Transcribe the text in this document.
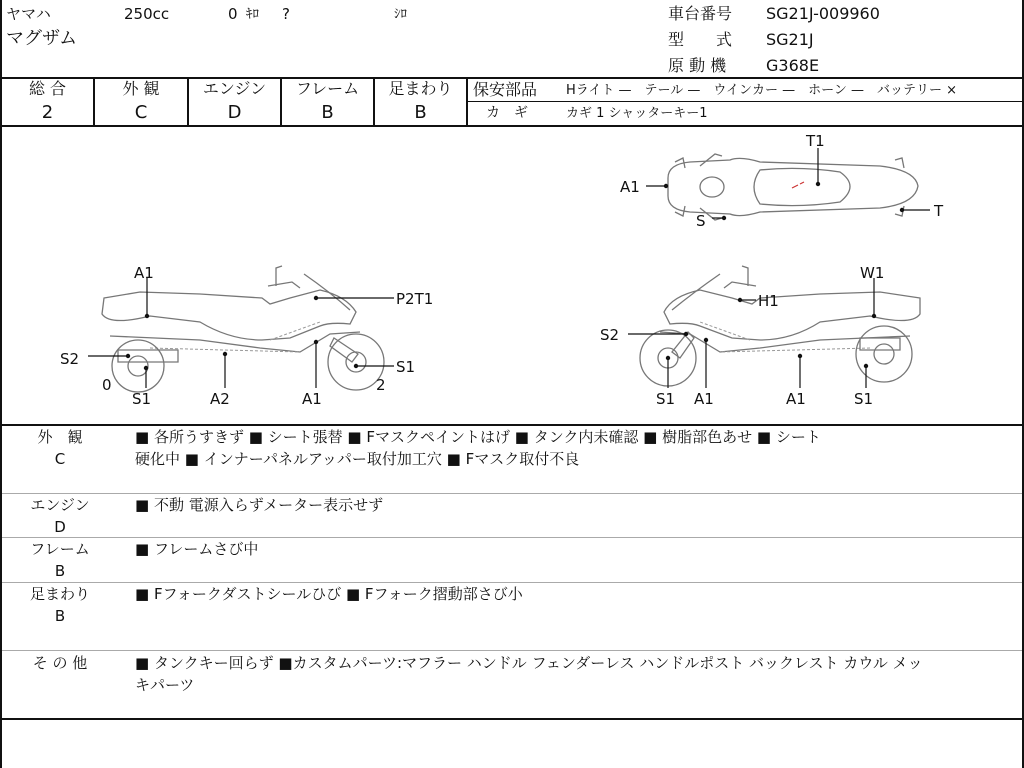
ヤマハ	250cc	0 ｷﾛ ?	ｼﾛ
マグザム
車台番号 SG21J-009960
型　　式 SG21J
原 動 機 G368E
総 合
2
外 観
C
エンジン
D
フレーム
B
足まわり
B
保安部品 Hライト —　テール —　ウインカー —　ホーン —　バッテリー ×
カ　ギ	カギ 1 シャッターキー1
T1
A1
S
T
A1
P2T1
S2	S1
0
S1	A2	A1
2
W1
H1
S2
S1 A1	A1	S1
外　観
C
■ 各所うすきず ■ シート張替 ■ Fマスクペイントはげ ■ タンク内未確認 ■ 樹脂部色あせ ■ シート
硬化中 ■ インナーパネルアッパー取付加工穴 ■ Fマスク取付不良
エンジン
D
■ 不動 電源入らずメーター表示せず
フレーム
B
■ フレームさび中
足まわり
B
■ Fフォークダストシールひび ■ Fフォーク摺動部さび小
そ の 他	■ タンクキー回らず ■カスタムパーツ:マフラー ハンドル フェンダーレス ハンドルポスト バックレスト カウル メッ
キパーツ
